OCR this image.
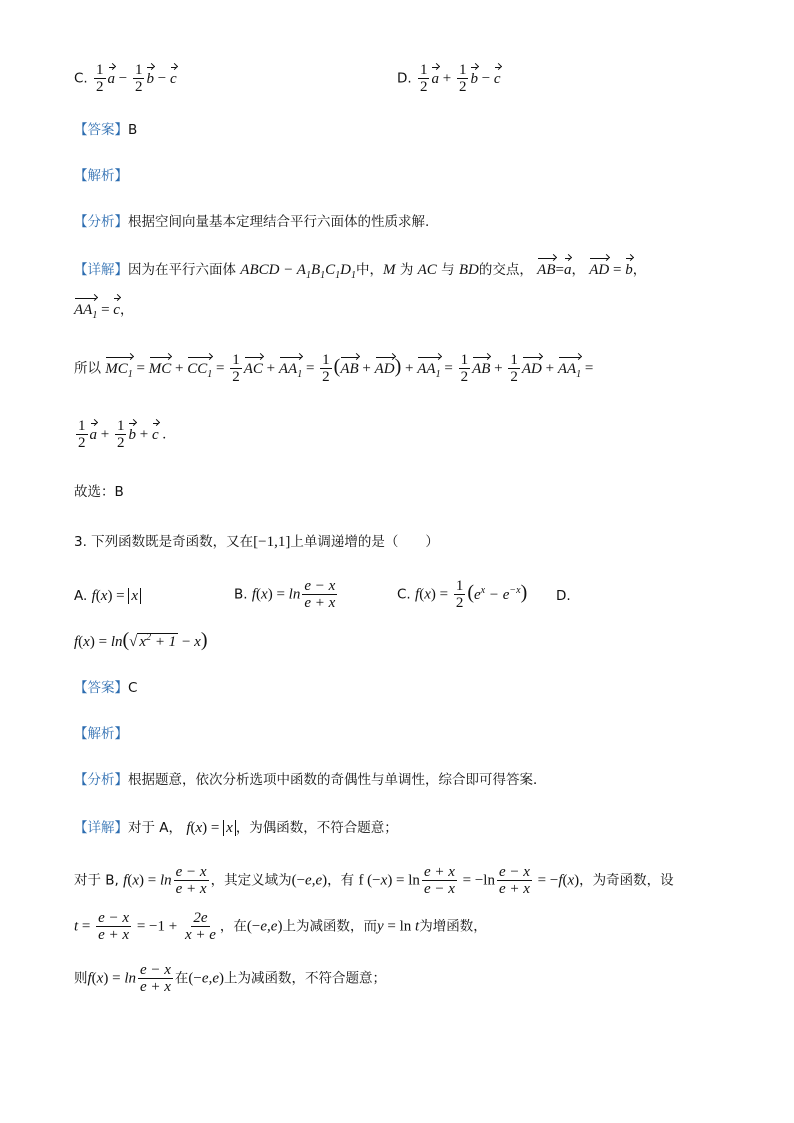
C. $\frac{1}{2}$ $a - \frac{1}{2}$ b − c	D. $\frac{1}{2}$ $a + \frac{1}{2}$ b − c
【答案】B
【解析】
【分析】根据空间向量基本定理结合平行六面体的性质求解.
【详解】因为在平行六面体 ABCD − $A_1B_1C_1D_1$中，M 为 AC 与 BD的交点， AB=a， AD = b，
$AA_1 = c$，
所以 $MC_1$ = MC + $CC_1 = \frac{1}{2}$ AC + $AA_1 = \frac{1}{2} (AB + AD) + AA_1 = \frac{1}{2}$ AB + $\frac{1}{2}$ AD + $AA_1$ =
$\frac{1}{2}$ $a + \frac{1}{2}$ b + c .
故选：B
3. 下列函数既是奇函数，又在[−1,1]上单调递增的是（　　）
A. f(x) = x	B. $f(x) = \ln \frac{e - x}{e + x}$	C. $f(x) = \frac{1}{2} (e^x - e^{-x})$ D.
f(x) = ln(√ $x^2 + 1 - x$)
【答案】C
【解析】
【分析】根据题意，依次分析选项中函数的奇偶性与单调性，综合即可得答案．
【详解】对于 A， f(x) = x ，为偶函数，不符合题意；
对于 B, $f(x) = \ln \frac{e - x}{e + x}$ ，其定义域为(−e,e)，有 f $(-x) = \ln \frac{e + x}{e - x} = -\ln \frac{e - x}{e + x} = -f(x)$，为奇函数，设
$t = \frac{e - x}{e + x} = -1 + \frac{2e}{x + e}$ ，在(−e,e)上为减函数，而y = ln t为增函数，
则$f(x) = \ln \frac{e - x}{e + x}$ 在(−e,e)上为减函数，不符合题意；
